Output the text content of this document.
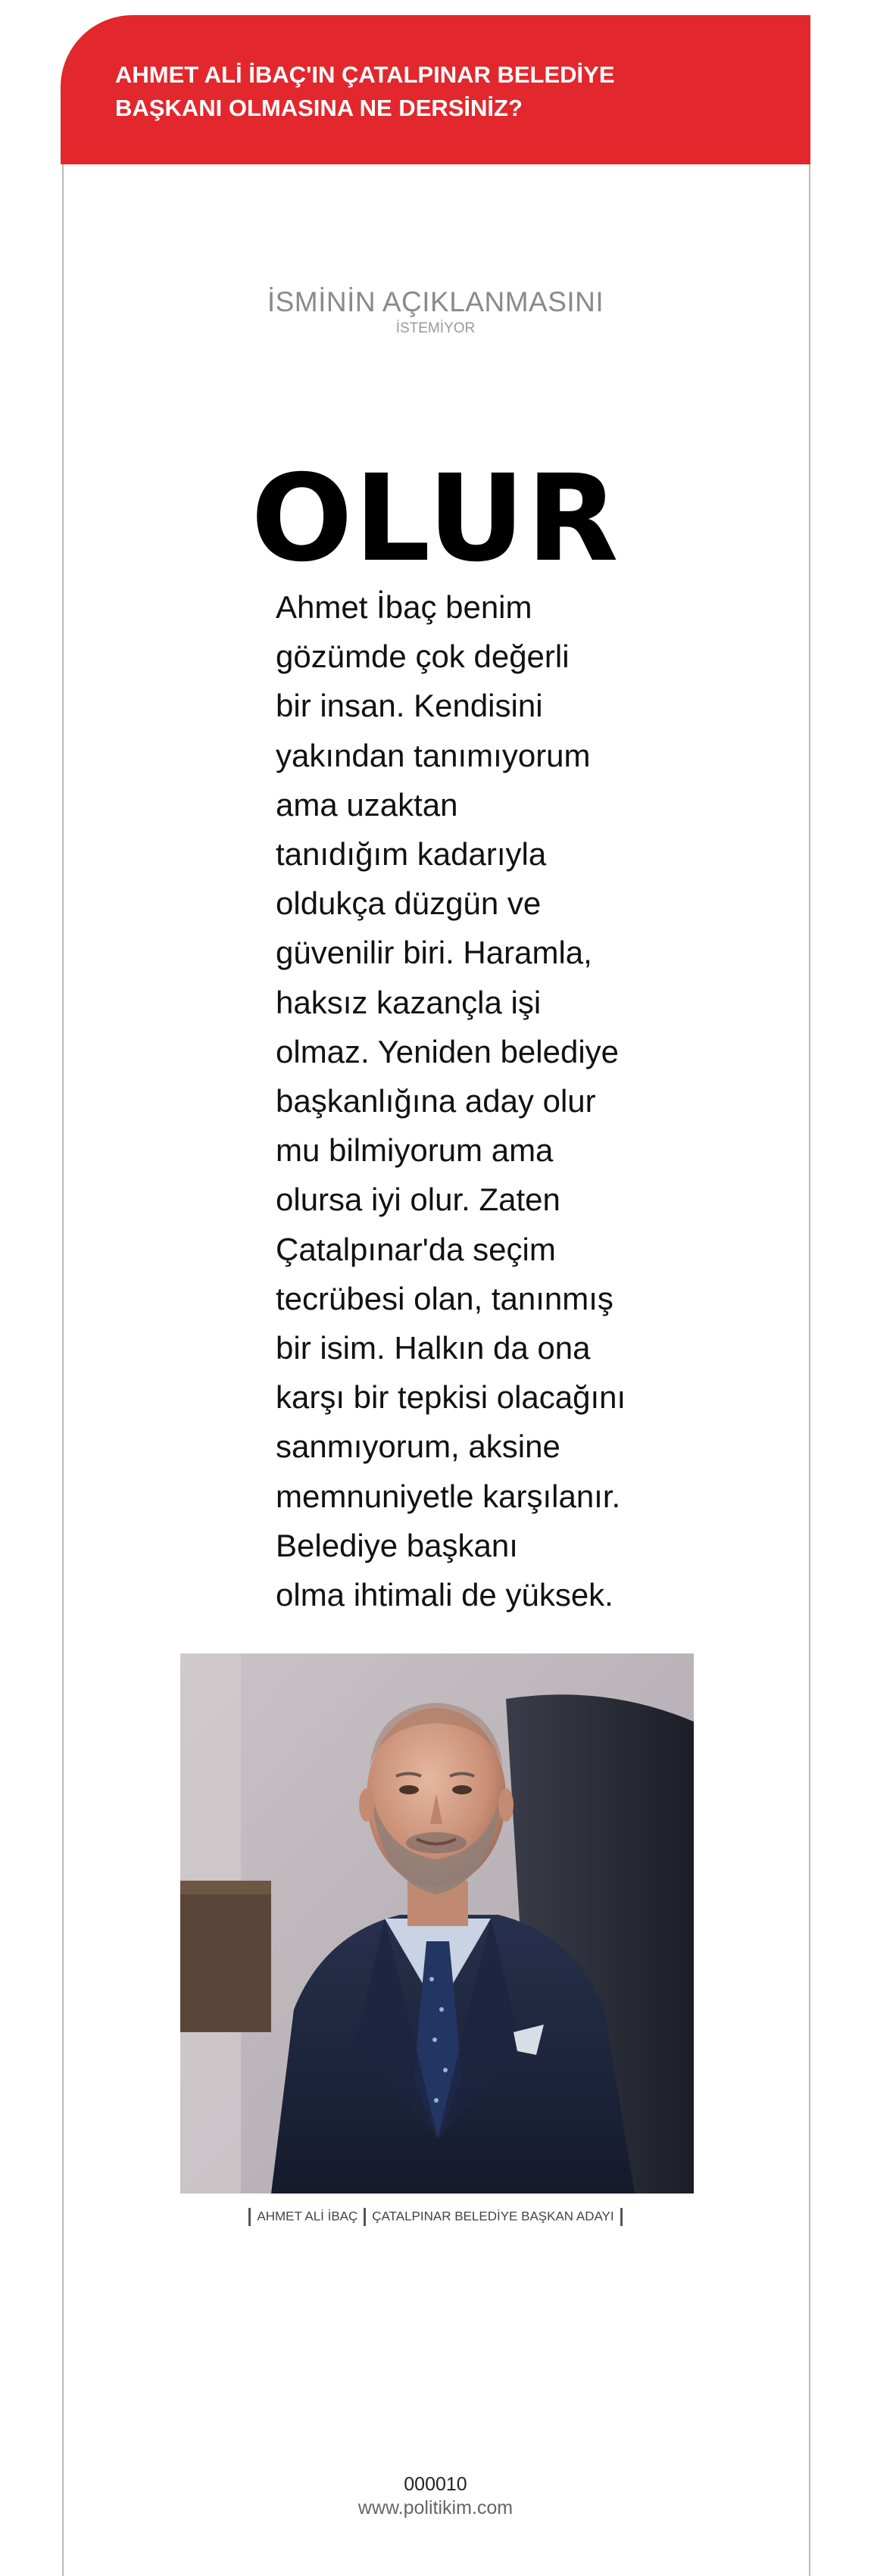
AHMET ALİ İBAÇ'IN ÇATALPINAR BELEDİYE BAŞKANI OLMASINA NE DERSİNİZ?
İSMİNİN AÇIKLANMASINI
İSTEMİYOR
OLUR
Ahmet İbaç benim
gözümde çok değerli
bir insan. Kendisini
yakından tanımıyorum
ama uzaktan
tanıdığım kadarıyla
oldukça düzgün ve
güvenilir biri. Haramla,
haksız kazançla işi
olmaz. Yeniden belediye
başkanlığına aday olur
mu bilmiyorum ama
olursa iyi olur. Zaten
Çatalpınar'da seçim
tecrübesi olan, tanınmış
bir isim. Halkın da ona
karşı bir tepkisi olacağını
sanmıyorum, aksine
memnuniyetle karşılanır.
Belediye başkanı
olma ihtimali de yüksek.
AHMET ALİ İBAÇ ÇATALPINAR BELEDİYE BAŞKAN ADAYI
000010
www.politikim.com
